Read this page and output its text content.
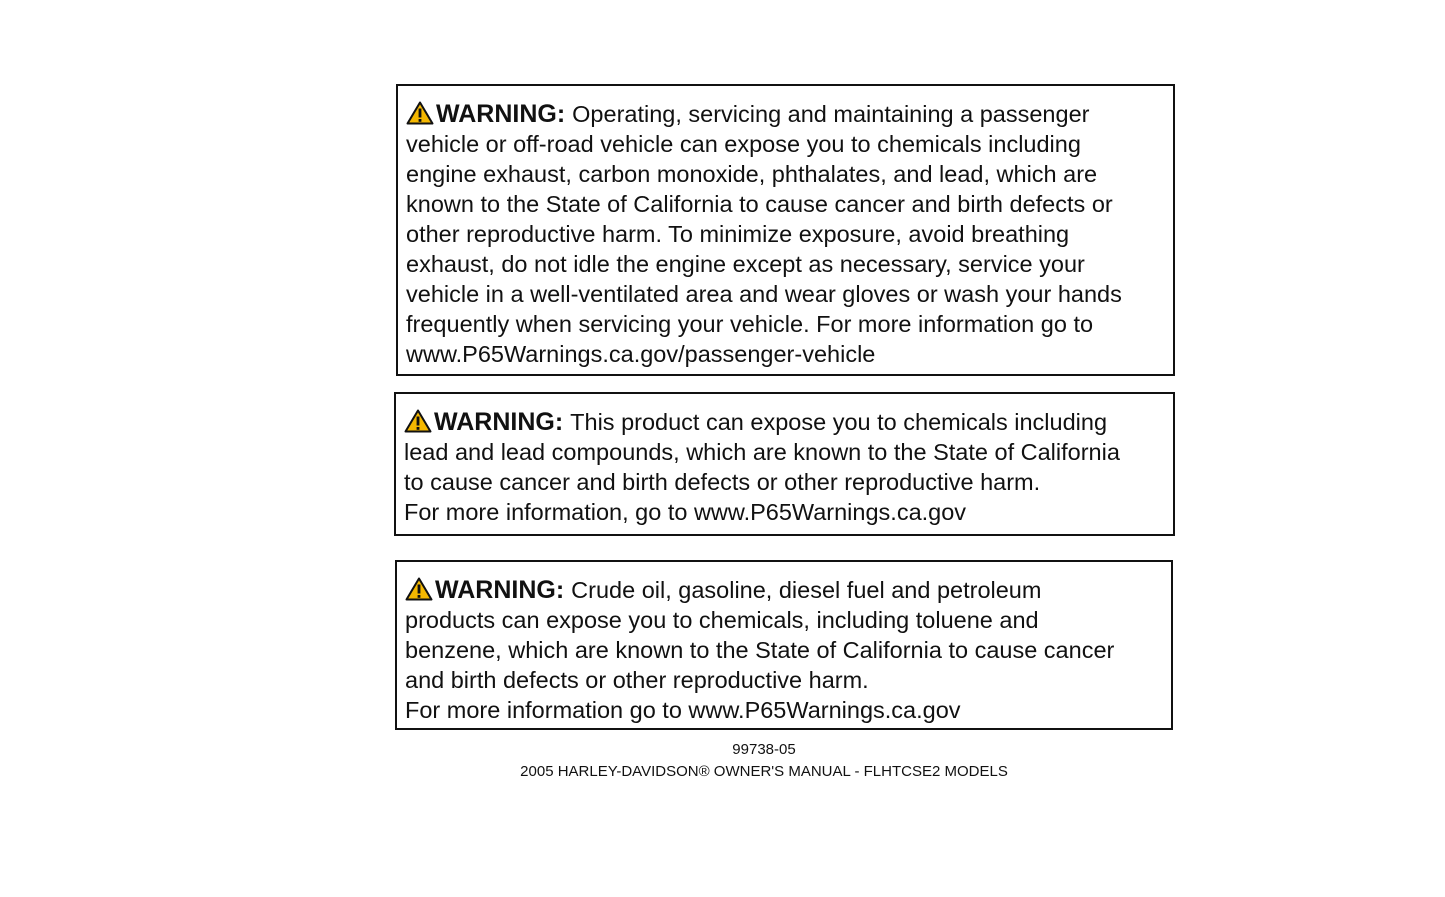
WARNING: Operating, servicing and maintaining a passenger
vehicle or off-road vehicle can expose you to chemicals including
engine exhaust, carbon monoxide, phthalates, and lead, which are
known to the State of California to cause cancer and birth defects or
other reproductive harm. To minimize exposure, avoid breathing
exhaust, do not idle the engine except as necessary, service your
vehicle in a well-ventilated area and wear gloves or wash your hands
frequently when servicing your vehicle. For more information go to
www.P65Warnings.ca.gov/passenger-vehicle
WARNING: This product can expose you to chemicals including
lead and lead compounds, which are known to the State of California
to cause cancer and birth defects or other reproductive harm.
For more information, go to www.P65Warnings.ca.gov
WARNING: Crude oil, gasoline, diesel fuel and petroleum
products can expose you to chemicals, including toluene and
benzene, which are known to the State of California to cause cancer
and birth defects or other reproductive harm.
For more information go to www.P65Warnings.ca.gov
99738-05
2005 HARLEY-DAVIDSON® OWNER'S MANUAL - FLHTCSE2 MODELS
